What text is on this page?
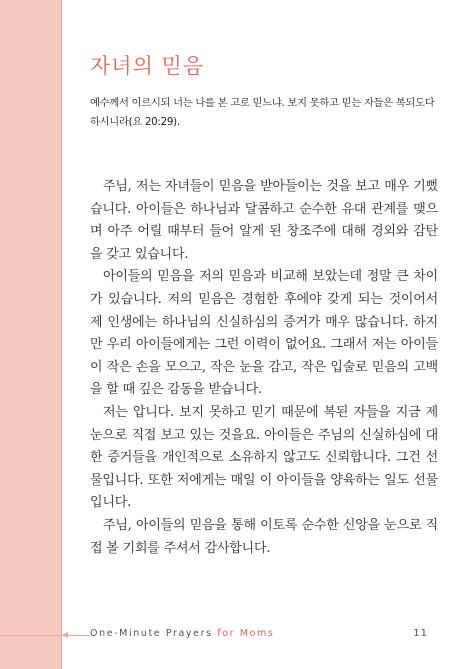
자녀의 믿음
예수께서 이르시되 너는 나를 본 고로 믿느냐. 보지 못하고 믿는 자들은 복되도다 하시니라(요 20:29).

주님, 저는 자녀들이 믿음을 받아들이는 것을 보고 매우 기뻤습니다. 아이들은 하나님과 달콤하고 순수한 유대 관계를 맺으며 아주 어릴 때부터 들어 알게 된 창조주에 대해 경외와 감탄을 갖고 있습니다.

아이들의 믿음을 저의 믿음과 비교해 보았는데 정말 큰 차이가 있습니다. 저의 믿음은 경험한 후에야 갖게 되는 것이어서 제 인생에는 하나님의 신실하심의 증거가 매우 많습니다. 하지만 우리 아이들에게는 그런 이력이 없어요. 그래서 저는 아이들이 작은 손을 모으고, 작은 눈을 감고, 작은 입술로 믿음의 고백을 할 때 깊은 감동을 받습니다.

저는 압니다. 보지 못하고 믿기 때문에 복된 자들을 지금 제 눈으로 직접 보고 있는 것을요. 아이들은 주님의 신실하심에 대한 증거들을 개인적으로 소유하지 않고도 신뢰합니다. 그건 선물입니다. 또한 저에게는 매일 이 아이들을 양육하는 일도 선물입니다.

주님, 아이들의 믿음을 통해 이토록 순수한 신앙을 눈으로 직접 볼 기회를 주셔서 감사합니다.

One-Minute Prayers for Moms	11
